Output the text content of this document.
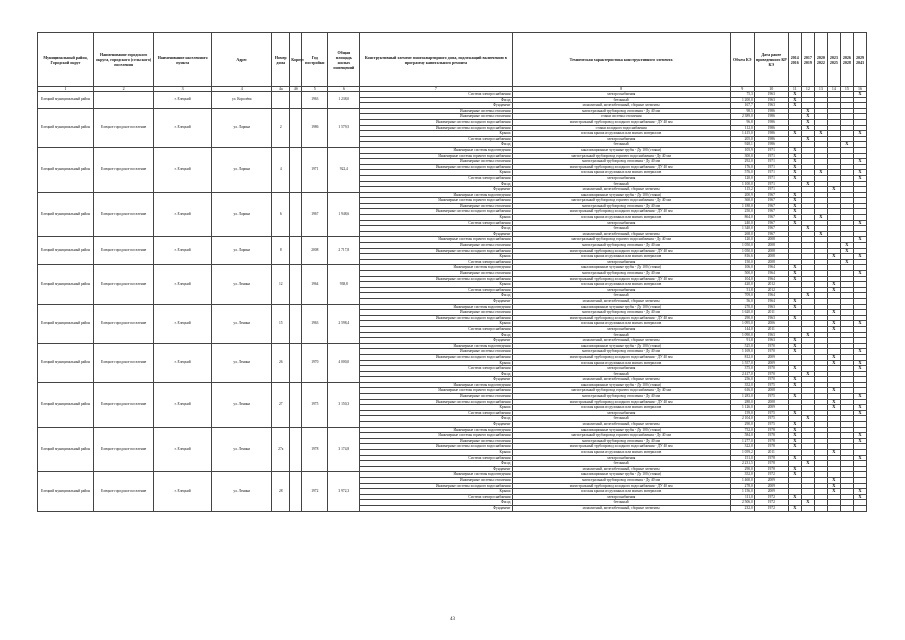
Муниципальный район, Городской округ	Наименование городского округа, городского (сельского) поселения	Наименование населенного пункта	Адрес	Номер дома	Корпус	Год постройки	Общая площадь жилых помещений	Конструктивный элемент многоквартирного дома, подлежащий включению в программу капитального ремонта	Техническая характеристика конструктивного элемента	Объем КЭ	Дата ранее проведенного КР КЭ	2014 2016	2017 2019	2020 2022	2023 2025	2026 2028	2029 2043
1	2	3	4	4а	4б	5	6	7	8	9	10	11	12	13	14	15	16
Елецкий муниципальный район		г. Елецкий	ул. Королёва			1963	1 238,0	Система электроснабжения	электроснабжения	75,3	1963	X					X
								Фасад	бетонный	1 200,0	1963	X					
								Фундамент	монолитный, железобетонный, сборные элементы	167,7	1963	X					
Елецкий муниципальный район	Елецкое городское поселение	г. Елецкий	ул. Ларина	2		1986	1 579,5	Инженерные системы отопления	магистральный трубопровод отопления - Ду 40 мм	98,5	1986		X				
								Инженерные системы отопления	стояки системы отопления	2 389,0	1986		X				
								Инженерные системы холодного водоснабжения	магистральный трубопровод холодного водоснабжения - ДУ 40 мм	96,8	1986		X				
								Инженерные системы холодного водоснабжения	стояки холодного водоснабжения	112,0	1986		X				
								Крыша	плоская крыша из рулонных или мягких материалов	1 415,0	1986	X		X			X
								Система электроснабжения	электроснабжения	205,0	1986		X				
								Фасад	бетонный	928,1	1986					X	
Елецкий муниципальный район	Елецкое городское поселение	г. Елецкий	ул. Ларина	4		1971	922,4	Инженерные системы водоотведения	канализационные чугунные трубы - Ду 100 (стояки)	105,9	1971	X					
								Инженерные системы горячего водоснабжения	магистральный трубопровод горячего водоснабжения - Ду 40 мм	300,0	1971	X					
								Инженерные системы отопления	магистральный трубопровод отопления - Ду 40 мм	292,0	1971	X					X
								Инженерные системы холодного водоснабжения	магистральный трубопровод холодного водоснабжения - ДУ 40 мм	176,0	1971	X					
								Крыша	плоская крыша из рулонных или мягких материалов	576,0	1971	X		X			X
								Система электроснабжения	электроснабжения	120,0	1971	X					X
								Фасад	бетонный	1 100,0	1971		X				
								Фундамент	монолитный, железобетонный, сборные элементы	115,2	1971				X		
Елецкий муниципальный район	Елецкое городское поселение	г. Елецкий	ул. Ларина	6		1967	1 948,6	Инженерные системы водоотведения	канализационные чугунные трубы - Ду 100 (стояки)	200,9	1967	X					
								Инженерные системы горячего водоснабжения	магистральный трубопровод горячего водоснабжения - Ду 40 мм	360,0	1967	X					
								Инженерные системы отопления	магистральный трубопровод отопления - Ду 40 мм	1 188,0	1967	X					
								Инженерные системы холодного водоснабжения	магистральный трубопровод холодного водоснабжения - ДУ 40 мм	250,0	1967	X					
								Крыша	плоская крыша из рулонных или мягких материалов	864,0	1967	X		X			
								Система электроснабжения	электроснабжения	240,0	1967	X					X
								Фасад	бетонный	1 340,0	1967		X				
								Фундамент	монолитный, железобетонный, сборные элементы	268,0	1967			X			
Елецкий муниципальный район	Елецкое городское поселение	г. Елецкий	ул. Ларина	8		2008	2 717,8	Инженерные системы горячего водоснабжения	магистральный трубопровод горячего водоснабжения - Ду 40 мм	120,0	2008						X
								Инженерные системы отопления	магистральный трубопровод отопления - Ду 40 мм	1 050,0	2008					X	
								Инженерные системы холодного водоснабжения	магистральный трубопровод холодного водоснабжения - ДУ 40 мм	1 050,0	2008					X	
								Крыша	плоская крыша из рулонных или мягких материалов	816,6	2008				X		X
								Система электроснабжения	электроснабжения	150,0	2008					X	
Елецкий муниципальный район	Елецкое городское поселение	г. Елецкий	ул. Ленина	12		1964	938,8	Инженерные системы водоотведения	канализационные чугунные трубы - Ду 100 (стояки)	106,0	1964	X					
								Инженерные системы отопления	магистральный трубопровод отопления - Ду 40 мм	500,0	1964	X					X
								Инженерные системы холодного водоснабжения	магистральный трубопровод холодного водоснабжения - ДУ 40 мм	104,0	1964	X					
								Крыша	плоская крыша из рулонных или мягких материалов	420,0	2012				X		
								Система электроснабжения	электроснабжения	51,8	2012				X		
								Фасад	бетонный	709,0	1964		X				
								Фундамент	монолитный, железобетонный, сборные элементы	56,0	1964	X					
Елецкий муниципальный район	Елецкое городское поселение	г. Елецкий	ул. Ленина	15		1963	2 598,4	Инженерные системы водоотведения	канализационные чугунные трубы - Ду 100 (стояки)	270,0	1963	X					
								Инженерные системы отопления	магистральный трубопровод отопления - Ду 40 мм	1 620,0	2011				X		
								Инженерные системы холодного водоснабжения	магистральный трубопровод холодного водоснабжения - ДУ 40 мм	290,0	1963	X					
								Крыша	плоская крыша из рулонных или мягких материалов	1 095,0	2006				X		X
								Система электроснабжения	электроснабжения	144,0	2011				X		
								Фасад	бетонный	1 090,0	1963		X				
								Фундамент	монолитный, железобетонный, сборные элементы	91,8	1963	X					
Елецкий муниципальный район	Елецкое городское поселение	г. Елецкий	ул. Ленина	26		1970	4 000,0	Инженерные системы водоотведения	канализационные чугунные трубы - Ду 100 (стояки)	525,0	1970	X					
								Инженерные системы отопления	магистральный трубопровод отопления - Ду 40 мм	1 169,0	1970	X					X
								Инженерные системы холодного водоснабжения	магистральный трубопровод холодного водоснабжения - ДУ 40 мм	812,0	2009				X		
								Крыша	плоская крыша из рулонных или мягких материалов	1 557,0	2009				X		X
								Система электроснабжения	электроснабжения	375,0	1970	X					X
								Фасад	бетонный	2 417,0	1970		X				
								Фундамент	монолитный, железобетонный, сборные элементы	256,0	1970	X					
Елецкий муниципальный район	Елецкое городское поселение	г. Елецкий	ул. Ленина	27		1975	3 150,3	Инженерные системы водоотведения	канализационные чугунные трубы - Ду 100 (стояки)	352,0	1975	X					
								Инженерные системы горячего водоснабжения	магистральный трубопровод горячего водоснабжения - Ду 40 мм	616,0	2008				X		
								Инженерные системы отопления	магистральный трубопровод отопления - Ду 40 мм	1 283,0	1975	X					X
								Инженерные системы холодного водоснабжения	магистральный трубопровод холодного водоснабжения - ДУ 40 мм	288,0	2008				X		
								Крыша	плоская крыша из рулонных или мягких материалов	1 126,0	2009				X		X
								Система электроснабжения	электроснабжения	159,0	1975	X					X
								Фасад	бетонный	2 104,0	1975		X				
								Фундамент	монолитный, железобетонный, сборные элементы	290,0	1975	X					
Елецкий муниципальный район	Елецкое городское поселение	г. Елецкий	ул. Ленина	27а		1978	3 174,8	Инженерные системы водоотведения	канализационные чугунные трубы - Ду 100 (стояки)	752,0	1978	X					
								Инженерные системы горячего водоснабжения	магистральный трубопровод горячего водоснабжения - Ду 40 мм	584,0	1978	X					X
								Инженерные системы отопления	магистральный трубопровод отопления - Ду 40 мм	1 277,0	1978	X					X
								Инженерные системы холодного водоснабжения	магистральный трубопровод холодного водоснабжения - ДУ 40 мм	322,0	1978	X					
								Крыша	плоская крыша из рулонных или мягких материалов	1 059,2	2011				X		
								Система электроснабжения	электроснабжения	151,0	1978	X					X
								Фасад	бетонный	2 231,5	1978		X				
								Фундамент	монолитный, железобетонный, сборные элементы	290,0	1978	X					
Елецкий муниципальный район	Елецкое городское поселение	г. Елецкий	ул. Ленина	28		1972	3 972,3	Инженерные системы водоотведения	канализационные чугунные трубы - Ду 100 (стояки)	352,0	1972	X					
								Инженерные системы отопления	магистральный трубопровод отопления - Ду 40 мм	1 460,0	2009				X		
								Инженерные системы холодного водоснабжения	магистральный трубопровод холодного водоснабжения - ДУ 40 мм	278,0	2009				X		
								Крыша	плоская крыша из рулонных или мягких материалов	1 156,0	2009				X		X
								Система электроснабжения	электроснабжения	111,0	1972	X					X
								Фасад	бетонный	2 506,0	1972		X				
								Фундамент	монолитный, железобетонный, сборные элементы	232,0	1972	X					
43
